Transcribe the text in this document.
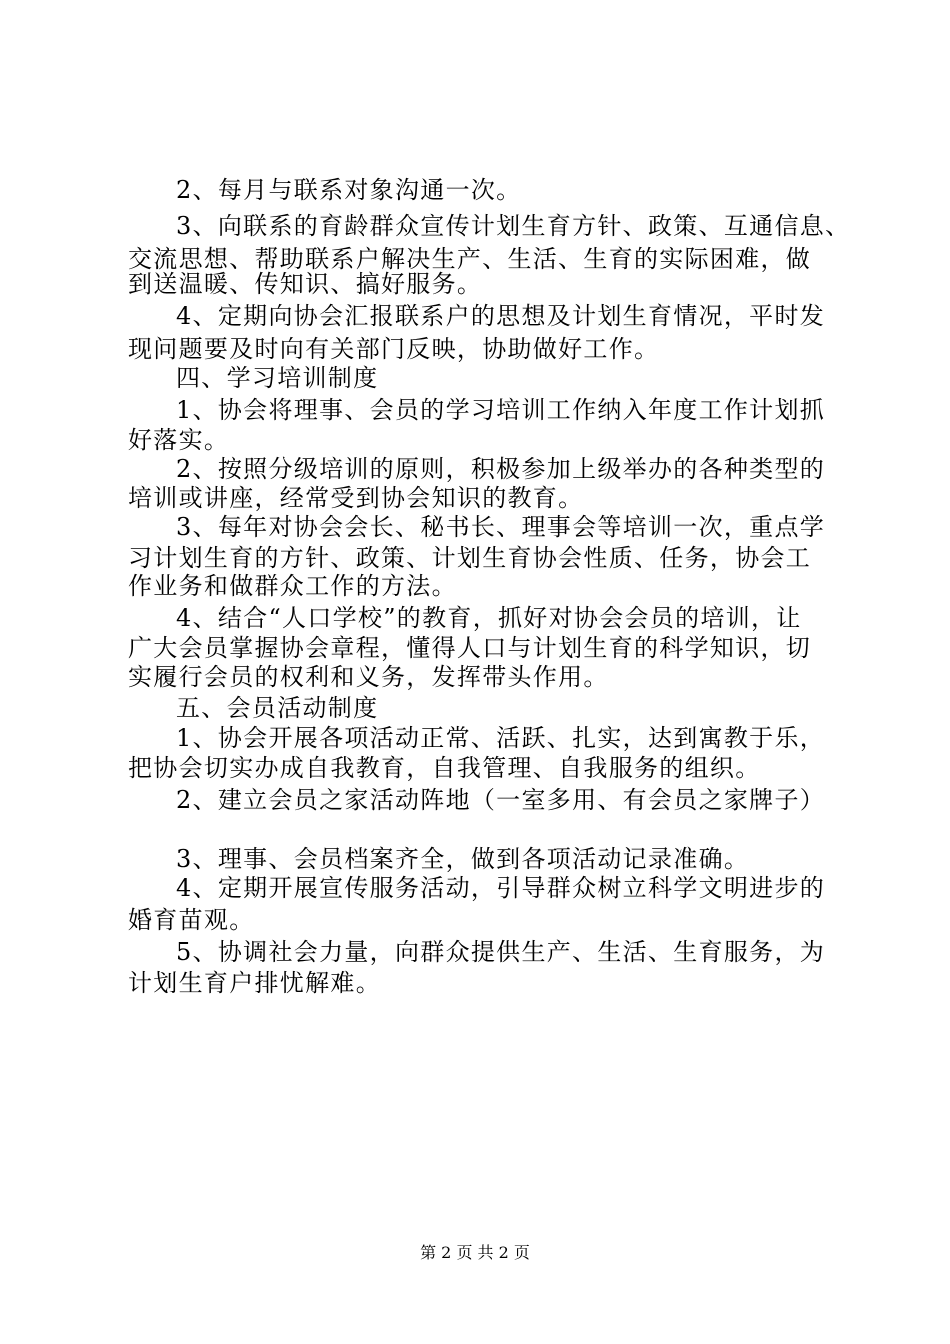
2、每月与联系对象沟通一次。
3、向联系的育龄群众宣传计划生育方针、政策、互通信息、
交流思想、帮助联系户解决生产、生活、生育的实际困难，做
到送温暖、传知识、搞好服务。
4、定期向协会汇报联系户的思想及计划生育情况，平时发
现问题要及时向有关部门反映，协助做好工作。
四、学习培训制度
1、协会将理事、会员的学习培训工作纳入年度工作计划抓
好落实。
2、按照分级培训的原则，积极参加上级举办的各种类型的
培训或讲座，经常受到协会知识的教育。
3、每年对协会会长、秘书长、理事会等培训一次，重点学
习计划生育的方针、政策、计划生育协会性质、任务，协会工
作业务和做群众工作的方法。
4、结合“人口学校”的教育，抓好对协会会员的培训，让
广大会员掌握协会章程，懂得人口与计划生育的科学知识，切
实履行会员的权利和义务，发挥带头作用。
五、会员活动制度
1、协会开展各项活动正常、活跃、扎实，达到寓教于乐，
把协会切实办成自我教育，自我管理、自我服务的组织。
2、建立会员之家活动阵地（一室多用、有会员之家牌子）
3、理事、会员档案齐全，做到各项活动记录准确。
4、定期开展宣传服务活动，引导群众树立科学文明进步的
婚育苗观。
5、协调社会力量，向群众提供生产、生活、生育服务，为
计划生育户排忧解难。
第 2 页 共 2 页
